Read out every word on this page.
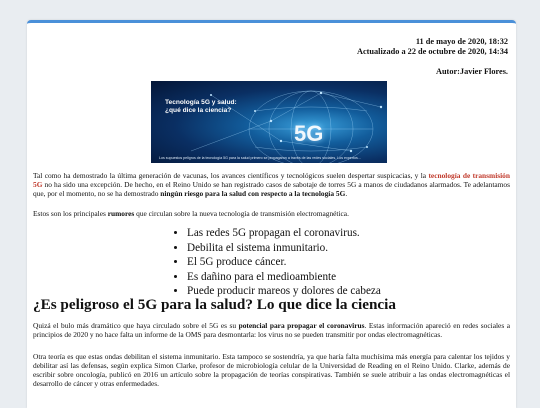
11 de mayo de 2020, 18:32
Actualizado a 22 de octubre de 2020, 14:34
Autor:Javier Flores.
Tecnología 5G y salud:
¿qué dice la ciencia?
5G
Los supuestos peligros de la tecnología 5G para la salud primero se propagaron a través de las redes sociales. Los expertos...
Tal como ha demostrado la última generación de vacunas, los avances científicos y tecnológicos suelen despertar suspicacias, y la tecnología de transmisión 5G no ha sido una excepción. De hecho, en el Reino Unido se han registrado casos de sabotaje de torres 5G a manos de ciudadanos alarmados. Te adelantamos que, por el momento, no se ha demostrado ningún riesgo para la salud con respecto a la tecnología 5G.
Estos son los principales rumores que circulan sobre la nueva tecnología de transmisión electromagnética.
• Las redes 5G propagan el coronavirus.
• Debilita el sistema inmunitario.
• El 5G produce cáncer.
• Es dañino para el medioambiente
• Puede producir mareos y dolores de cabeza
¿Es peligroso el 5G para la salud? Lo que dice la ciencia
Quizá el bulo más dramático que haya circulado sobre el 5G es su potencial para propagar el coronavirus. Estas información apareció en redes sociales a principios de 2020 y no hace falta un informe de la OMS para desmontarla: los virus no se pueden transmitir por ondas electromagnéticas.
Otra teoría es que estas ondas debilitan el sistema inmunitario. Esta tampoco se sostendría, ya que haría falta muchísima más energía para calentar los tejidos y debilitar así las defensas, según explica Simon Clarke, profesor de microbiología celular de la Universidad de Reading en el Reino Unido. Clarke, además de escribir sobre oncología, publicó en 2016 un artículo sobre la propagación de teorías conspirativas. También se suele atribuir a las ondas electromagnéticas el desarrollo de cáncer y otras enfermedades.
